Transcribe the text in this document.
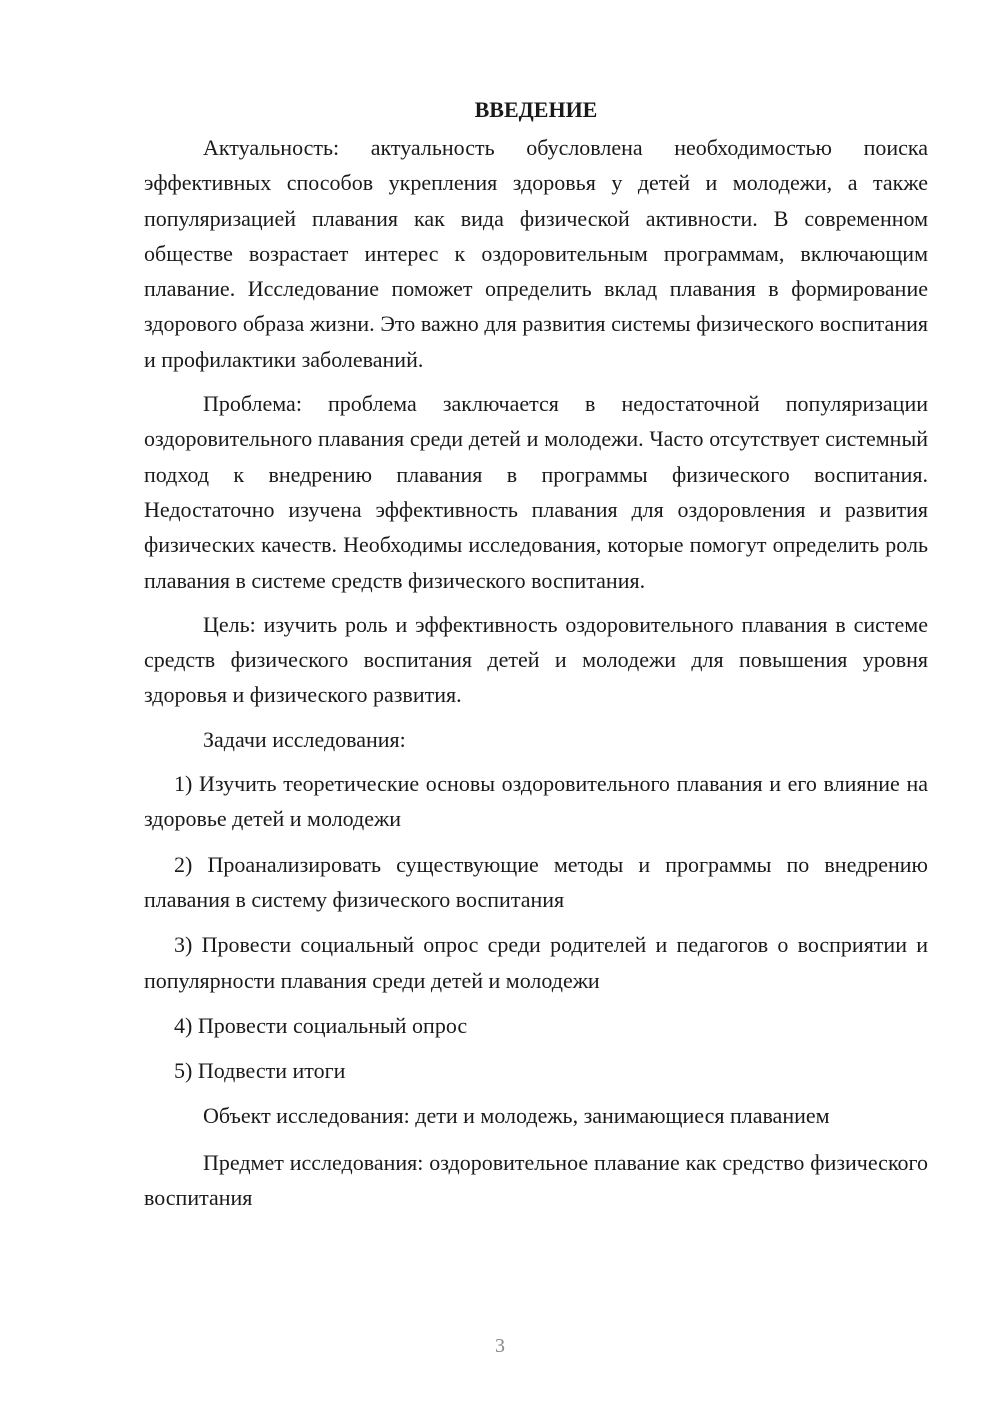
ВВЕДЕНИЕ

Актуальность: актуальность обусловлена необходимостью поиска эффективных способов укрепления здоровья у детей и молодежи, а также популяризацией плавания как вида физической активности. В современном обществе возрастает интерес к оздоровительным программам, включающим плавание. Исследование поможет определить вклад плавания в формирование здорового образа жизни. Это важно для развития системы физического воспитания и профилактики заболеваний.

Проблема: проблема заключается в недостаточной популяризации оздоровительного плавания среди детей и молодежи. Часто отсутствует системный подход к внедрению плавания в программы физического воспитания. Недостаточно изучена эффективность плавания для оздоровления и развития физических качеств. Необходимы исследования, которые помогут определить роль плавания в системе средств физического воспитания.

Цель: изучить роль и эффективность оздоровительного плавания в системе средств физического воспитания детей и молодежи для повышения уровня здоровья и физического развития.

Задачи исследования:

1) Изучить теоретические основы оздоровительного плавания и его влияние на здоровье детей и молодежи

2) Проанализировать существующие методы и программы по внедрению плавания в систему физического воспитания

3) Провести социальный опрос среди родителей и педагогов о восприятии и популярности плавания среди детей и молодежи

4) Провести социальный опрос

5) Подвести итоги

Объект исследования: дети и молодежь, занимающиеся плаванием

Предмет исследования: оздоровительное плавание как средство физического воспитания

3
